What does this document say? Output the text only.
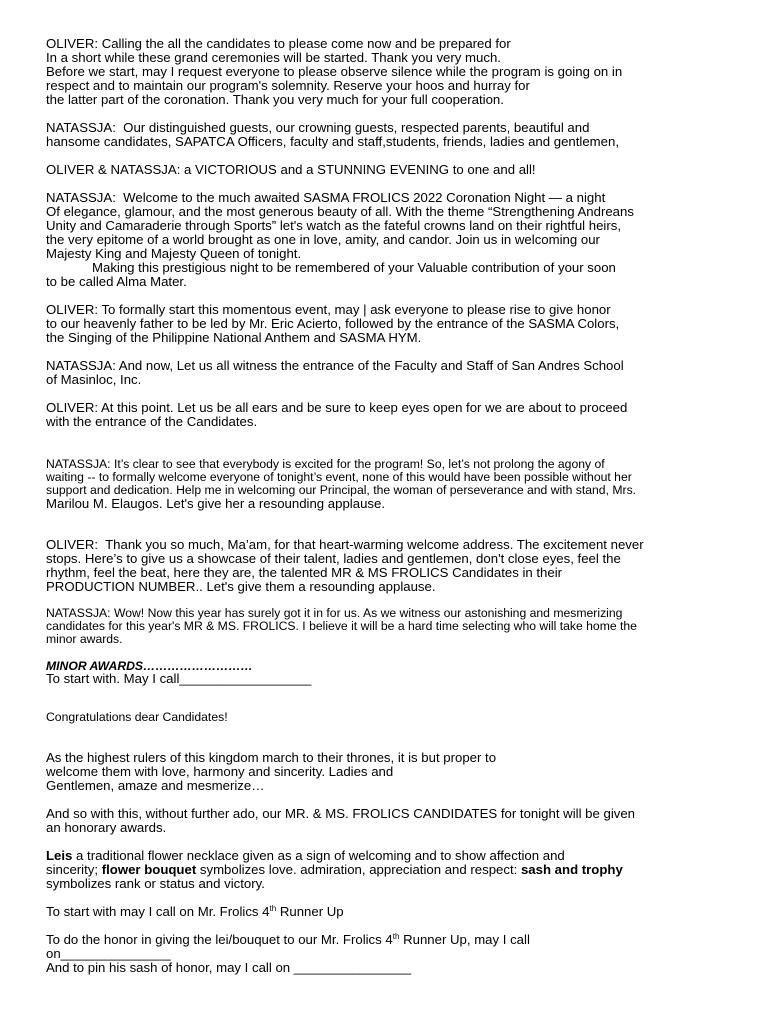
OLIVER: Calling the all the candidates to please come now and be prepared for
In a short while these grand ceremonies will be started. Thank you very much.
Before we start, may I request everyone to please observe silence while the program is going on in
respect and to maintain our program's solemnity. Reserve your hoos and hurray for
the latter part of the coronation. Thank you very much for your full cooperation.
NATASSJA:  Our distinguished guests, our crowning guests, respected parents, beautiful and
hansome candidates, SAPATCA Officers, faculty and staff,students, friends, ladies and gentlemen,
OLIVER & NATASSJA: a VICTORIOUS and a STUNNING EVENING to one and all!
NATASSJA:  Welcome to the much awaited SASMA FROLICS 2022 Coronation Night — a night
Of elegance, glamour, and the most generous beauty of all. With the theme “Strengthening Andreans
Unity and Camaraderie through Sports” let's watch as the fateful crowns land on their rightful heirs,
the very epitome of a world brought as one in love, amity, and candor. Join us in welcoming our
Majesty King and Majesty Queen of tonight.
Making this prestigious night to be remembered of your Valuable contribution of your soon
to be called Alma Mater.
OLIVER: To formally start this momentous event, may | ask everyone to please rise to give honor
to our heavenly father to be led by Mr. Eric Acierto, followed by the entrance of the SASMA Colors,
the Singing of the Philippine National Anthem and SASMA HYM.
NATASSJA: And now, Let us all witness the entrance of the Faculty and Staff of San Andres School
of Masinloc, Inc.
OLIVER: At this point. Let us be all ears and be sure to keep eyes open for we are about to proceed
with the entrance of the Candidates.
NATASSJA: It’s clear to see that everybody is excited for the program! So, let’s not prolong the agony of
waiting -- to formally welcome everyone of tonight’s event, none of this would have been possible without her
support and dedication. Help me in welcoming our Principal, the woman of perseverance and with stand, Mrs.
Marilou M. Elaugos. Let's give her a resounding applause.
OLIVER:  Thank you so much, Ma’am, for that heart-warming welcome address. The excitement never
stops. Here’s to give us a showcase of their talent, ladies and gentlemen, don't close eyes, feel the
rhythm, feel the beat, here they are, the talented MR & MS FROLICS Candidates in their
PRODUCTION NUMBER.. Let's give them a resounding applause.
NATASSJA: Wow! Now this year has surely got it in for us. As we witness our astonishing and mesmerizing
candidates for this year's MR & MS. FROLICS. I believe it will be a hard time selecting who will take home the
minor awards.
MINOR AWARDS………………………
To start with. May I call__________________
Congratulations dear Candidates!
As the highest rulers of this kingdom march to their thrones, it is but proper to
welcome them with love, harmony and sincerity. Ladies and
Gentlemen, amaze and mesmerize…
And so with this, without further ado, our MR. & MS. FROLICS CANDIDATES for tonight will be given
an honorary awards.
Leis a traditional flower necklace given as a sign of welcoming and to show affection and
sincerity; flower bouquet symbolizes love. admiration, appreciation and respect: sash and trophy
symbolizes rank or status and victory.
To start with may I call on Mr. Frolics 4th Runner Up
To do the honor in giving the lei/bouquet to our Mr. Frolics 4th Runner Up, may I call
on_______________
And to pin his sash of honor, may I call on ________________
